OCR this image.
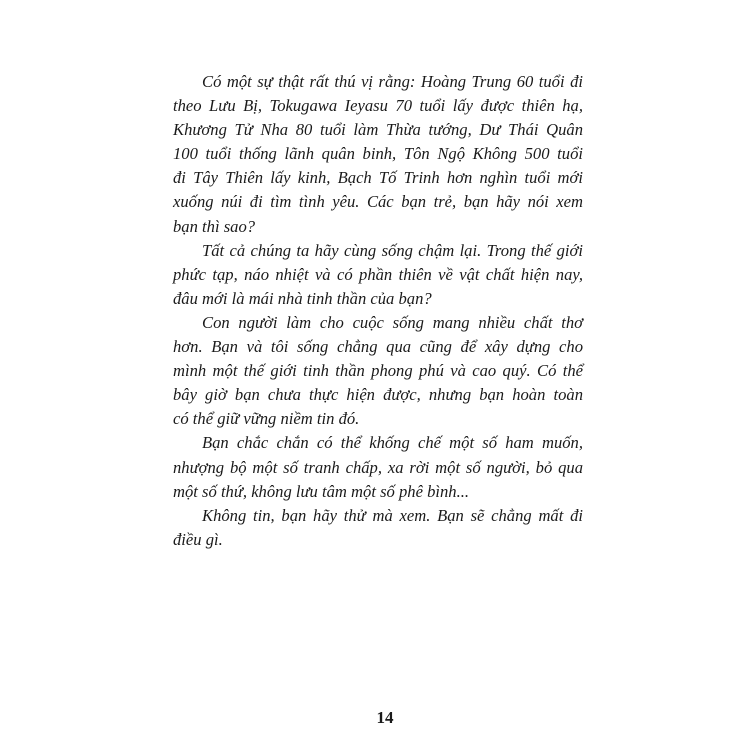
Có một sự thật rất thú vị rằng: Hoàng Trung 60 tuổi đi
theo Lưu Bị, Tokugawa Ieyasu 70 tuổi lấy được thiên hạ,
Khương Tử Nha 80 tuổi làm Thừa tướng, Dư Thái Quân
100 tuổi thống lãnh quân binh, Tôn Ngộ Không 500 tuổi
đi Tây Thiên lấy kinh, Bạch Tố Trinh hơn nghìn tuổi mới
xuống núi đi tìm tình yêu. Các bạn trẻ, bạn hãy nói xem
bạn thì sao?

Tất cả chúng ta hãy cùng sống chậm lại. Trong thế giới
phức tạp, náo nhiệt và có phần thiên về vật chất hiện nay,
đâu mới là mái nhà tinh thần của bạn?

Con người làm cho cuộc sống mang nhiều chất thơ
hơn. Bạn và tôi sống chẳng qua cũng để xây dựng cho
mình một thế giới tinh thần phong phú và cao quý. Có thể
bây giờ bạn chưa thực hiện được, nhưng bạn hoàn toàn
có thể giữ vững niềm tin đó.

Bạn chắc chắn có thể khống chế một số ham muốn,
nhượng bộ một số tranh chấp, xa rời một số người, bỏ qua
một số thứ, không lưu tâm một số phê bình...

Không tin, bạn hãy thử mà xem. Bạn sẽ chẳng mất đi
điều gì.

14
